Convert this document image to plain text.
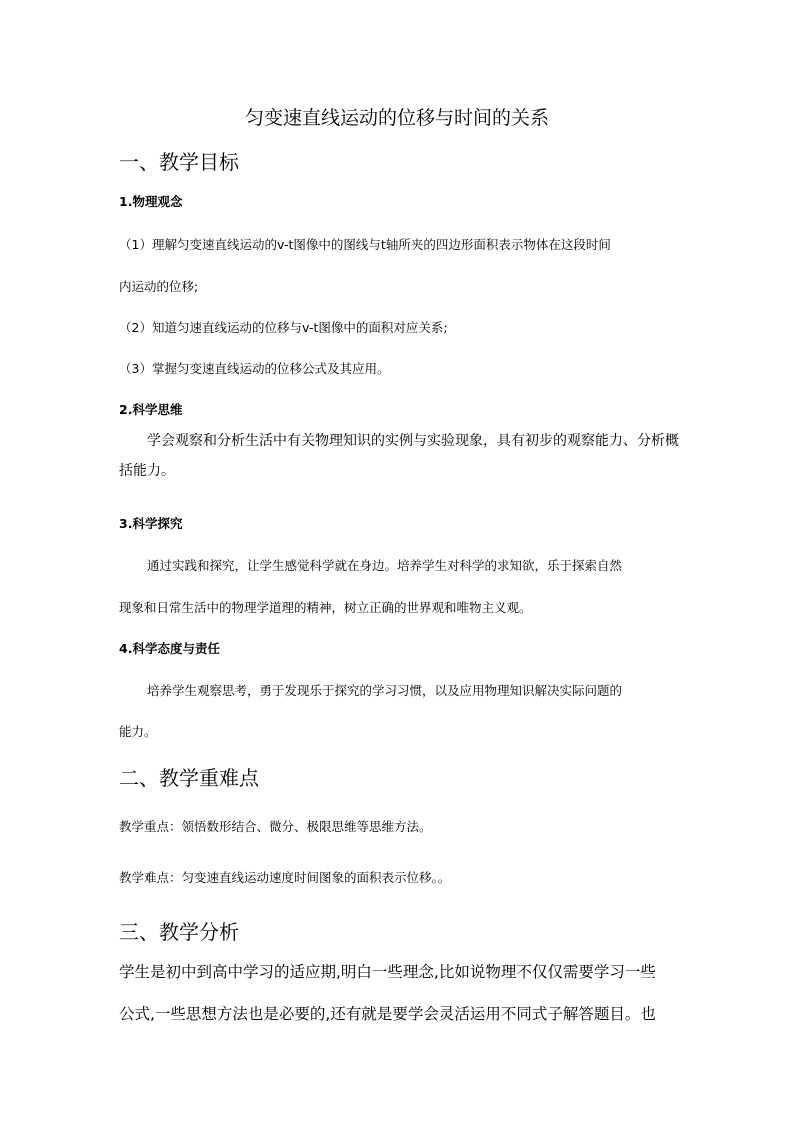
匀变速直线运动的位移与时间的关系
一、教学目标
1.物理观念

（1）理解匀变速直线运动的v-t图像中的图线与t轴所夹的四边形面积表示物体在这段时间

内运动的位移;

（2）知道匀速直线运动的位移与v-t图像中的面积对应关系;

（3）掌握匀变速直线运动的位移公式及其应用。

2.科学思维

学会观察和分析生活中有关物理知识的实例与实验现象，具有初步的观察能力、分析概

括能力。

3.科学探究

通过实践和探究，让学生感觉科学就在身边。培养学生对科学的求知欲，乐于探索自然

现象和日常生活中的物理学道理的精神，树立正确的世界观和唯物主义观。

4.科学态度与责任

培养学生观察思考，勇于发现乐于探究的学习习惯，以及应用物理知识解决实际问题的

能力。

二、教学重难点

教学重点：领悟数形结合、微分、极限思维等思维方法。

教学难点：匀变速直线运动速度时间图象的面积表示位移。。

三、教学分析

学生是初中到高中学习的适应期,明白一些理念,比如说物理不仅仅需要学习一些

公式,一些思想方法也是必要的,还有就是要学会灵活运用不同式子解答题目。也
